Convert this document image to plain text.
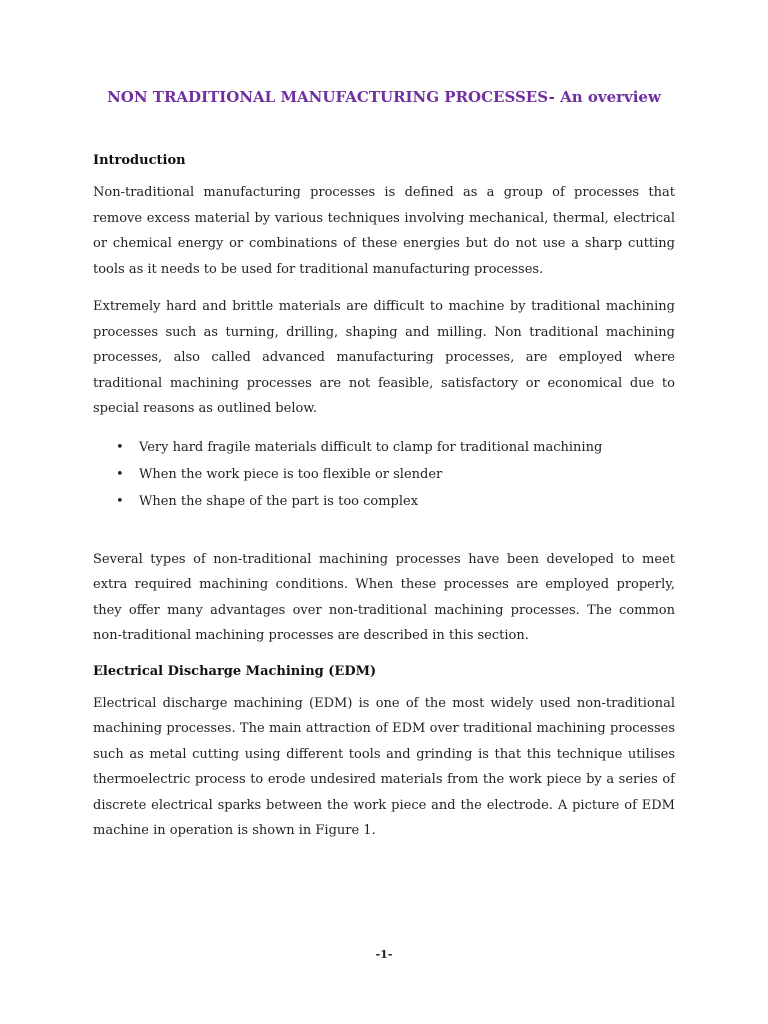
NON TRADITIONAL MANUFACTURING PROCESSES- An overview
Introduction

Non-traditional manufacturing processes is defined as a group of processes that remove excess material by various techniques involving mechanical, thermal, electrical or chemical energy or combinations of these energies but do not use a sharp cutting tools as it needs to be used for traditional manufacturing processes.

Extremely hard and brittle materials are difficult to machine by traditional machining processes such as turning, drilling, shaping and milling. Non traditional machining processes, also called advanced manufacturing processes, are employed where traditional machining processes are not feasible, satisfactory or economical due to special reasons as outlined below.

• Very hard fragile materials difficult to clamp for traditional machining
• When the work piece is too flexible or slender
• When the shape of the part is too complex

Several types of non-traditional machining processes have been developed to meet extra required machining conditions. When these processes are employed properly, they offer many advantages over non-traditional machining processes. The common non-traditional machining processes are described in this section.

Electrical Discharge Machining (EDM)

Electrical discharge machining (EDM) is one of the most widely used non-traditional machining processes. The main attraction of EDM over traditional machining processes such as metal cutting using different tools and grinding is that this technique utilises thermoelectric process to erode undesired materials from the work piece by a series of discrete electrical sparks between the work piece and the electrode. A picture of EDM machine in operation is shown in Figure 1.

-1-
